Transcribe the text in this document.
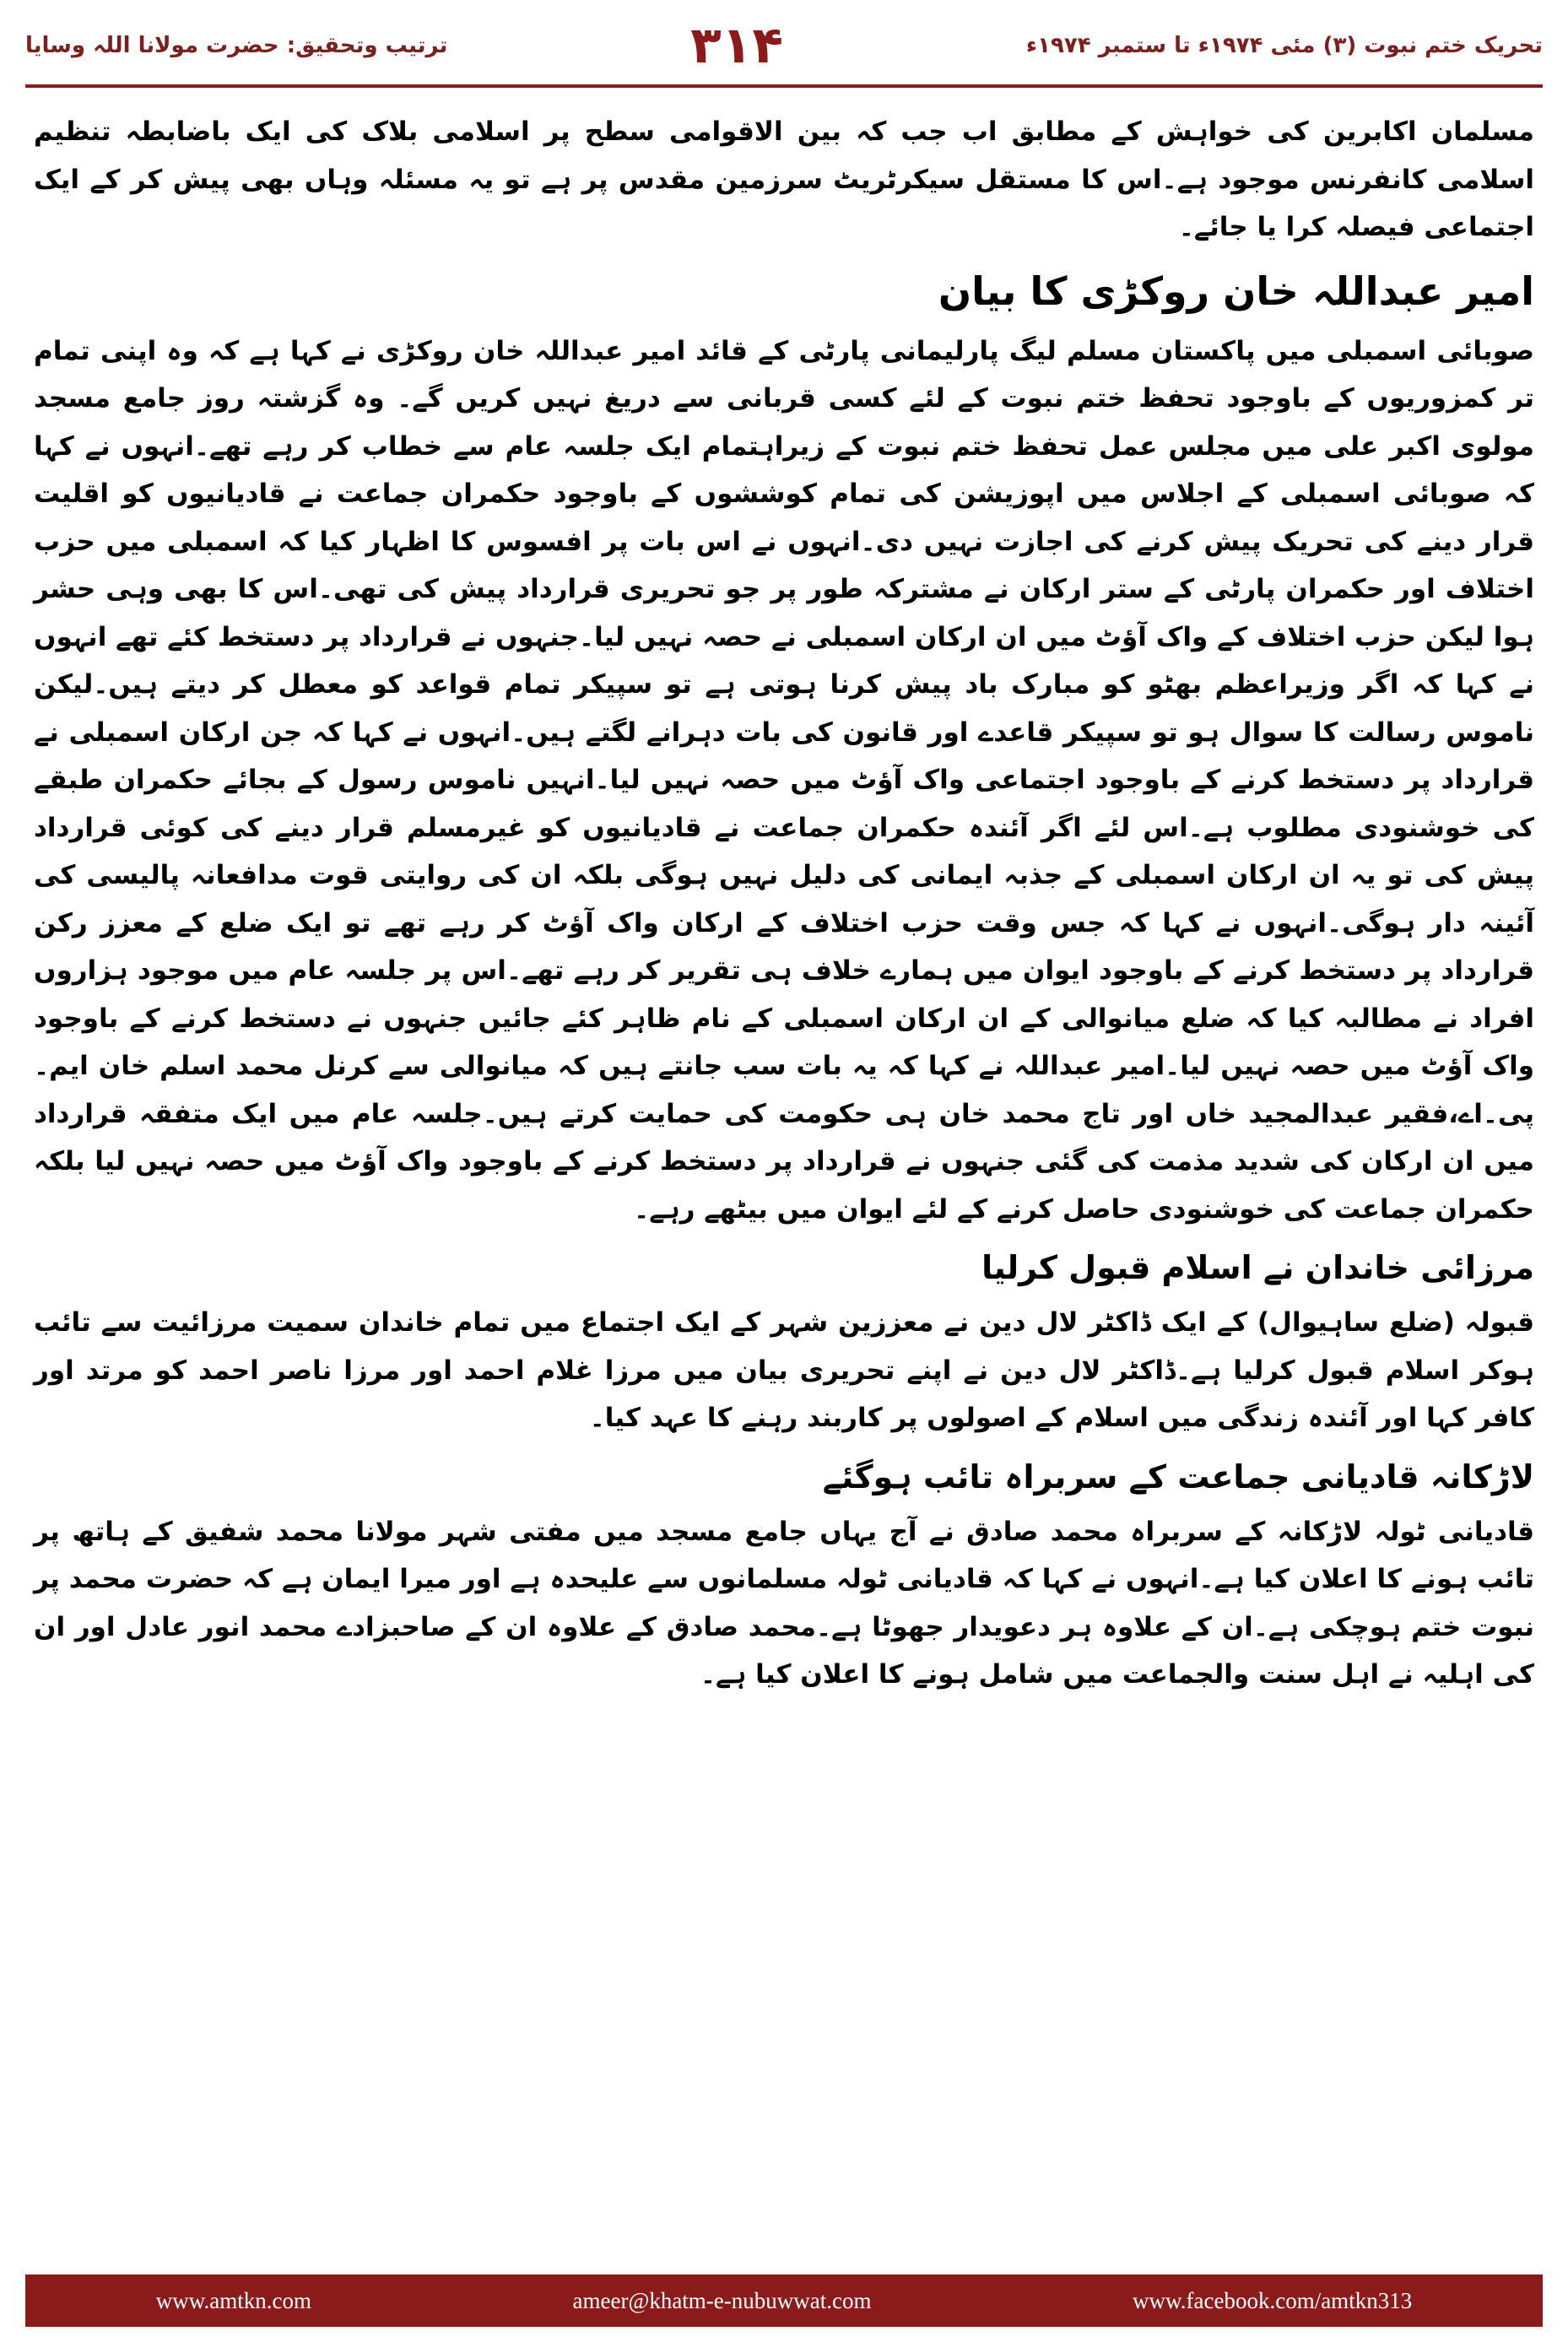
ترتیب وتحقیق: حضرت مولانا اللہ وسایا	۳۱۴	تحریک ختم نبوت (۳) مئی ۱۹۷۴ء تا ستمبر ۱۹۷۴ء

مسلمان اکابرین کی خواہش کے مطابق اب جب کہ بین الاقوامی سطح پر اسلامی بلاک کی ایک باضابطہ تنظیم اسلامی کانفرنس موجود ہے۔اس کا مستقل سیکرٹریٹ سرزمین مقدس پر ہے تو یہ مسئلہ وہاں بھی پیش کر کے ایک اجتماعی فیصلہ کرا یا جائے۔

امیر عبداللہ خان روکڑی کا بیان

صوبائی اسمبلی میں پاکستان مسلم لیگ پارلیمانی پارٹی کے قائد امیر عبداللہ خان روکڑی نے کہا ہے کہ وہ اپنی تمام تر کمزوریوں کے باوجود تحفظ ختم نبوت کے لئے کسی قربانی سے دریغ نہیں کریں گے۔ وہ گزشتہ روز جامع مسجد مولوی اکبر علی میں مجلس عمل تحفظ ختم نبوت کے زیراہتمام ایک جلسہ عام سے خطاب کر رہے تھے۔انہوں نے کہا کہ صوبائی اسمبلی کے اجلاس میں اپوزیشن کی تمام کوششوں کے باوجود حکمران جماعت نے قادیانیوں کو اقلیت قرار دینے کی تحریک پیش کرنے کی اجازت نہیں دی۔انہوں نے اس بات پر افسوس کا اظہار کیا کہ اسمبلی میں حزب اختلاف اور حکمران پارٹی کے ستر ارکان نے مشترکہ طور پر جو تحریری قرارداد پیش کی تھی۔اس کا بھی وہی حشر ہوا لیکن حزب اختلاف کے واک آؤٹ میں ان ارکان اسمبلی نے حصہ نہیں لیا۔جنہوں نے قرارداد پر دستخط کئے تھے انہوں نے کہا کہ اگر وزیراعظم بھٹو کو مبارک باد پیش کرنا ہوتی ہے تو سپیکر تمام قواعد کو معطل کر دیتے ہیں۔لیکن ناموس رسالت کا سوال ہو تو سپیکر قاعدے اور قانون کی بات دہرانے لگتے ہیں۔انہوں نے کہا کہ جن ارکان اسمبلی نے قرارداد پر دستخط کرنے کے باوجود اجتماعی واک آؤٹ میں حصہ نہیں لیا۔انہیں ناموس رسول کے بجائے حکمران طبقے کی خوشنودی مطلوب ہے۔اس لئے اگر آئندہ حکمران جماعت نے قادیانیوں کو غیرمسلم قرار دینے کی کوئی قرارداد پیش کی تو یہ ان ارکان اسمبلی کے جذبہ ایمانی کی دلیل نہیں ہوگی بلکہ ان کی روایتی قوت مدافعانہ پالیسی کی آئینہ دار ہوگی۔انہوں نے کہا کہ جس وقت حزب اختلاف کے ارکان واک آؤٹ کر رہے تھے تو ایک ضلع کے معزز رکن قرارداد پر دستخط کرنے کے باوجود ایوان میں ہمارے خلاف ہی تقریر کر رہے تھے۔اس پر جلسہ عام میں موجود ہزاروں افراد نے مطالبہ کیا کہ ضلع میانوالی کے ان ارکان اسمبلی کے نام ظاہر کئے جائیں جنہوں نے دستخط کرنے کے باوجود واک آؤٹ میں حصہ نہیں لیا۔امیر عبداللہ نے کہا کہ یہ بات سب جانتے ہیں کہ میانوالی سے کرنل محمد اسلم خان ایم۔پی۔اے،فقیر عبدالمجید خاں اور تاج محمد خان ہی حکومت کی حمایت کرتے ہیں۔جلسہ عام میں ایک متفقہ قرارداد میں ان ارکان کی شدید مذمت کی گئی جنہوں نے قرارداد پر دستخط کرنے کے باوجود واک آؤٹ میں حصہ نہیں لیا بلکہ حکمران جماعت کی خوشنودی حاصل کرنے کے لئے ایوان میں بیٹھے رہے۔

مرزائی خاندان نے اسلام قبول کرلیا

قبولہ (ضلع ساہیوال) کے ایک ڈاکٹر لال دین نے معززین شہر کے ایک اجتماع میں تمام خاندان سمیت مرزائیت سے تائب ہوکر اسلام قبول کرلیا ہے۔ڈاکٹر لال دین نے اپنے تحریری بیان میں مرزا غلام احمد اور مرزا ناصر احمد کو مرتد اور کافر کہا اور آئندہ زندگی میں اسلام کے اصولوں پر کاربند رہنے کا عہد کیا۔

لاڑکانہ قادیانی جماعت کے سربراہ تائب ہوگئے

قادیانی ٹولہ لاڑکانہ کے سربراہ محمد صادق نے آج یہاں جامع مسجد میں مفتی شہر مولانا محمد شفیق کے ہاتھ پر تائب ہونے کا اعلان کیا ہے۔انہوں نے کہا کہ قادیانی ٹولہ مسلمانوں سے علیحدہ ہے اور میرا ایمان ہے کہ حضرت محمد پر نبوت ختم ہوچکی ہے۔ان کے علاوہ ہر دعویدار جھوٹا ہے۔محمد صادق کے علاوہ ان کے صاحبزادے محمد انور عادل اور ان کی اہلیہ نے اہل سنت والجماعت میں شامل ہونے کا اعلان کیا ہے۔

www.amtkn.com	ameer@khatm-e-nubuwwat.com	www.facebook.com/amtkn313
